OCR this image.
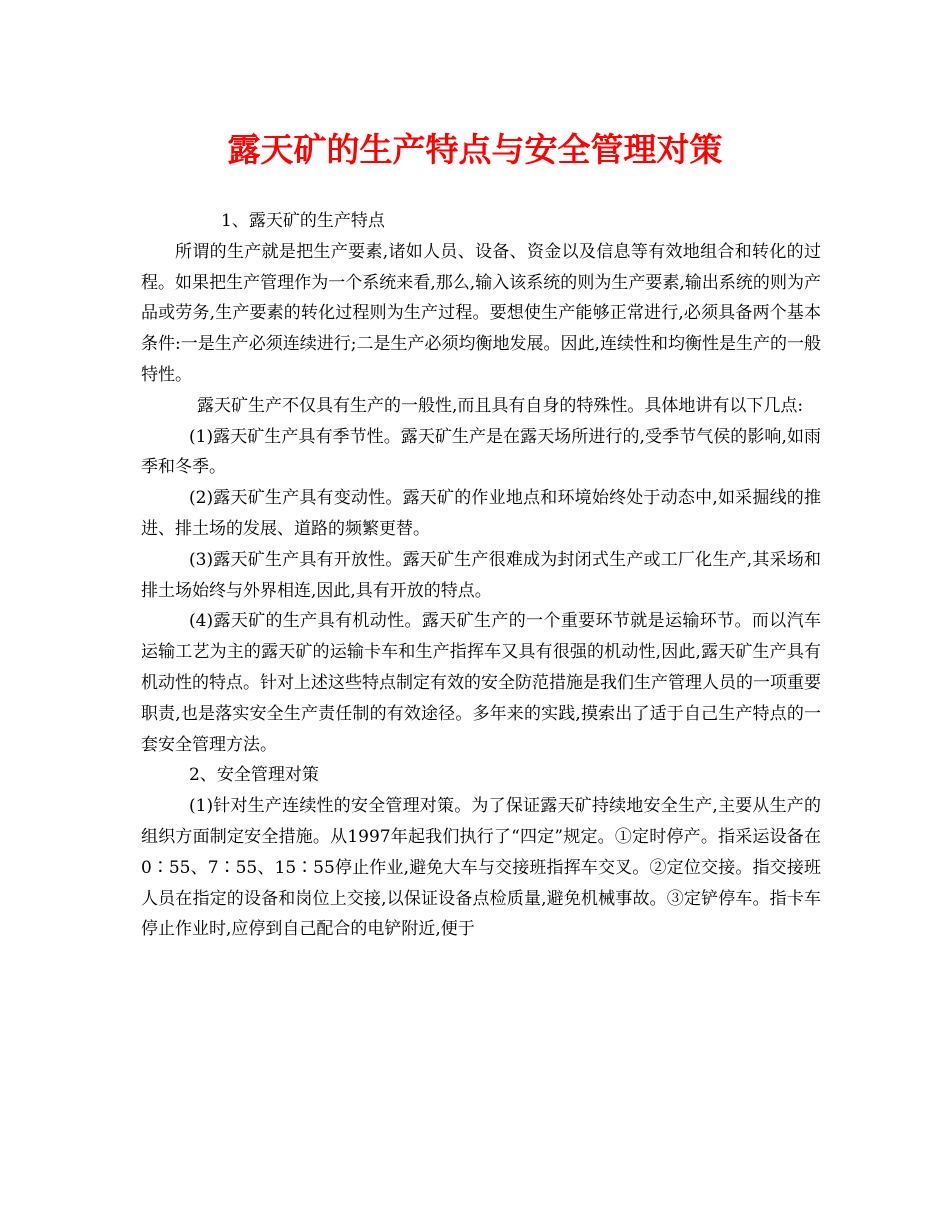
露天矿的生产特点与安全管理对策

1、露天矿的生产特点

所谓的生产就是把生产要素,诸如人员、设备、资金以及信息等有效地组合和转化的过程。如果把生产管理作为一个系统来看,那么,输入该系统的则为生产要素,输出系统的则为产品或劳务,生产要素的转化过程则为生产过程。要想使生产能够正常进行,必须具备两个基本条件:一是生产必须连续进行;二是生产必须均衡地发展。因此,连续性和均衡性是生产的一般特性。

露天矿生产不仅具有生产的一般性,而且具有自身的特殊性。具体地讲有以下几点:

(1)露天矿生产具有季节性。露天矿生产是在露天场所进行的,受季节气侯的影响,如雨季和冬季。

(2)露天矿生产具有变动性。露天矿的作业地点和环境始终处于动态中,如采掘线的推进、排土场的发展、道路的频繁更替。

(3)露天矿生产具有开放性。露天矿生产很难成为封闭式生产或工厂化生产,其采场和排土场始终与外界相连,因此,具有开放的特点。

(4)露天矿的生产具有机动性。露天矿生产的一个重要环节就是运输环节。而以汽车运输工艺为主的露天矿的运输卡车和生产指挥车又具有很强的机动性,因此,露天矿生产具有机动性的特点。针对上述这些特点制定有效的安全防范措施是我们生产管理人员的一项重要职责,也是落实安全生产责任制的有效途径。多年来的实践,摸索出了适于自己生产特点的一套安全管理方法。

2、安全管理对策

(1)针对生产连续性的安全管理对策。为了保证露天矿持续地安全生产,主要从生产的组织方面制定安全措施。从1997年起我们执行了“四定”规定。①定时停产。指采运设备在0∶55、7∶55、15∶55停止作业,避免大车与交接班指挥车交叉。②定位交接。指交接班人员在指定的设备和岗位上交接,以保证设备点检质量,避免机械事故。③定铲停车。指卡车停止作业时,应停到自己配合的电铲附近,便于
